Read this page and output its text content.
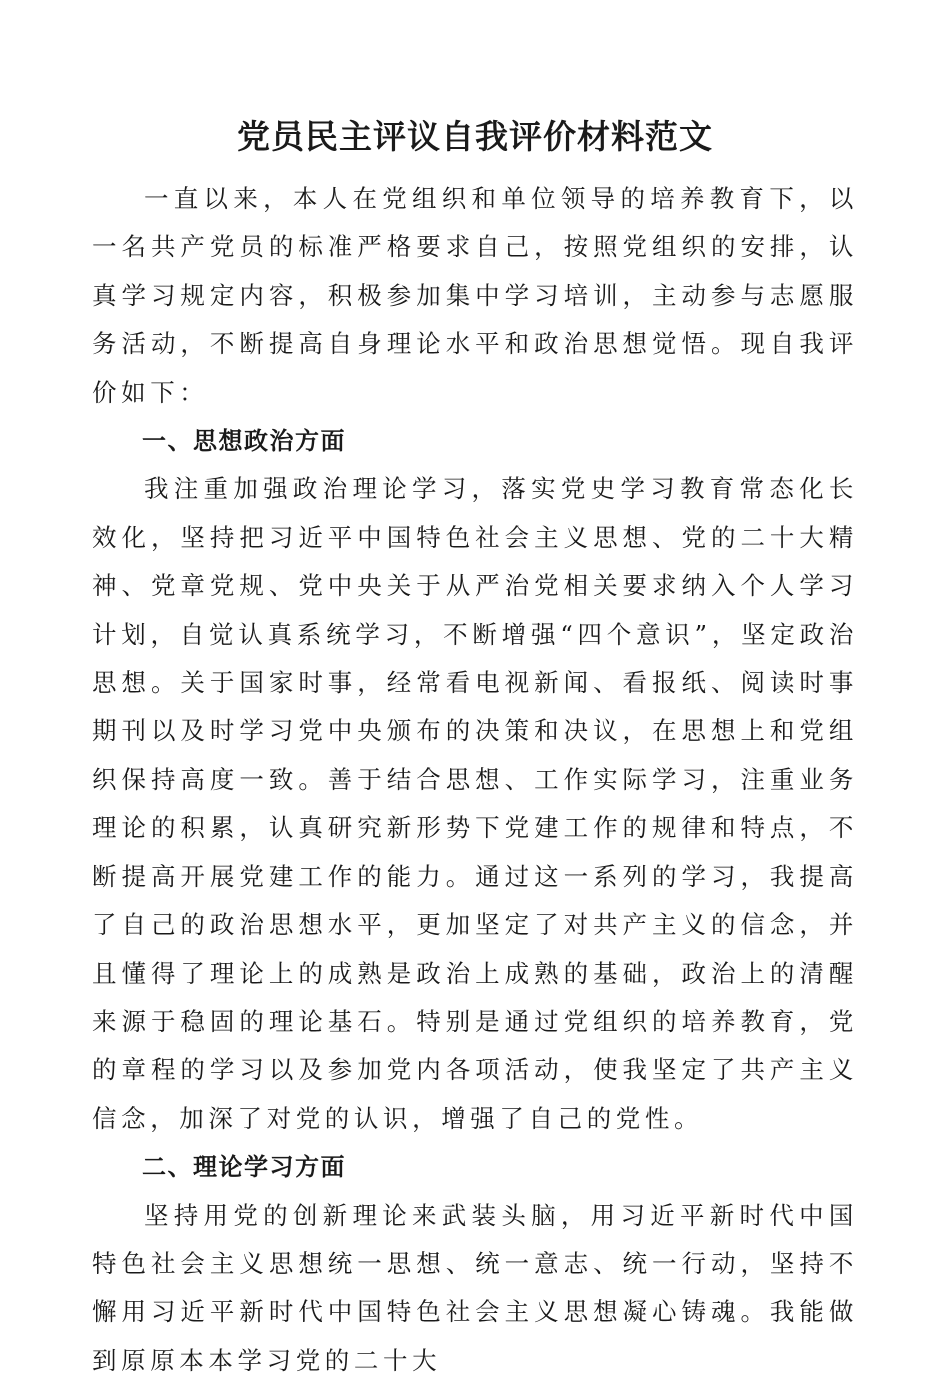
党员民主评议自我评价材料范文

一直以来，本人在党组织和单位领导的培养教育下，以一名共产党员的标准严格要求自己，按照党组织的安排，认真学习规定内容，积极参加集中学习培训，主动参与志愿服务活动，不断提高自身理论水平和政治思想觉悟。现自我评价如下：

一、思想政治方面

我注重加强政治理论学习，落实党史学习教育常态化长效化，坚持把习近平中国特色社会主义思想、党的二十大精神、党章党规、党中央关于从严治党相关要求纳入个人学习计划，自觉认真系统学习，不断增强“四个意识”，坚定政治思想。关于国家时事，经常看电视新闻、看报纸、阅读时事期刊以及时学习党中央颁布的决策和决议，在思想上和党组织保持高度一致。善于结合思想、工作实际学习，注重业务理论的积累，认真研究新形势下党建工作的规律和特点，不断提高开展党建工作的能力。通过这一系列的学习，我提高了自己的政治思想水平，更加坚定了对共产主义的信念，并且懂得了理论上的成熟是政治上成熟的基础，政治上的清醒来源于稳固的理论基石。特别是通过党组织的培养教育，党的章程的学习以及参加党内各项活动，使我坚定了共产主义信念，加深了对党的认识，增强了自己的党性。

二、理论学习方面

坚持用党的创新理论来武装头脑，用习近平新时代中国特色社会主义思想统一思想、统一意志、统一行动，坚持不懈用习近平新时代中国特色社会主义思想凝心铸魂。我能做到原原本本学习党的二十大
